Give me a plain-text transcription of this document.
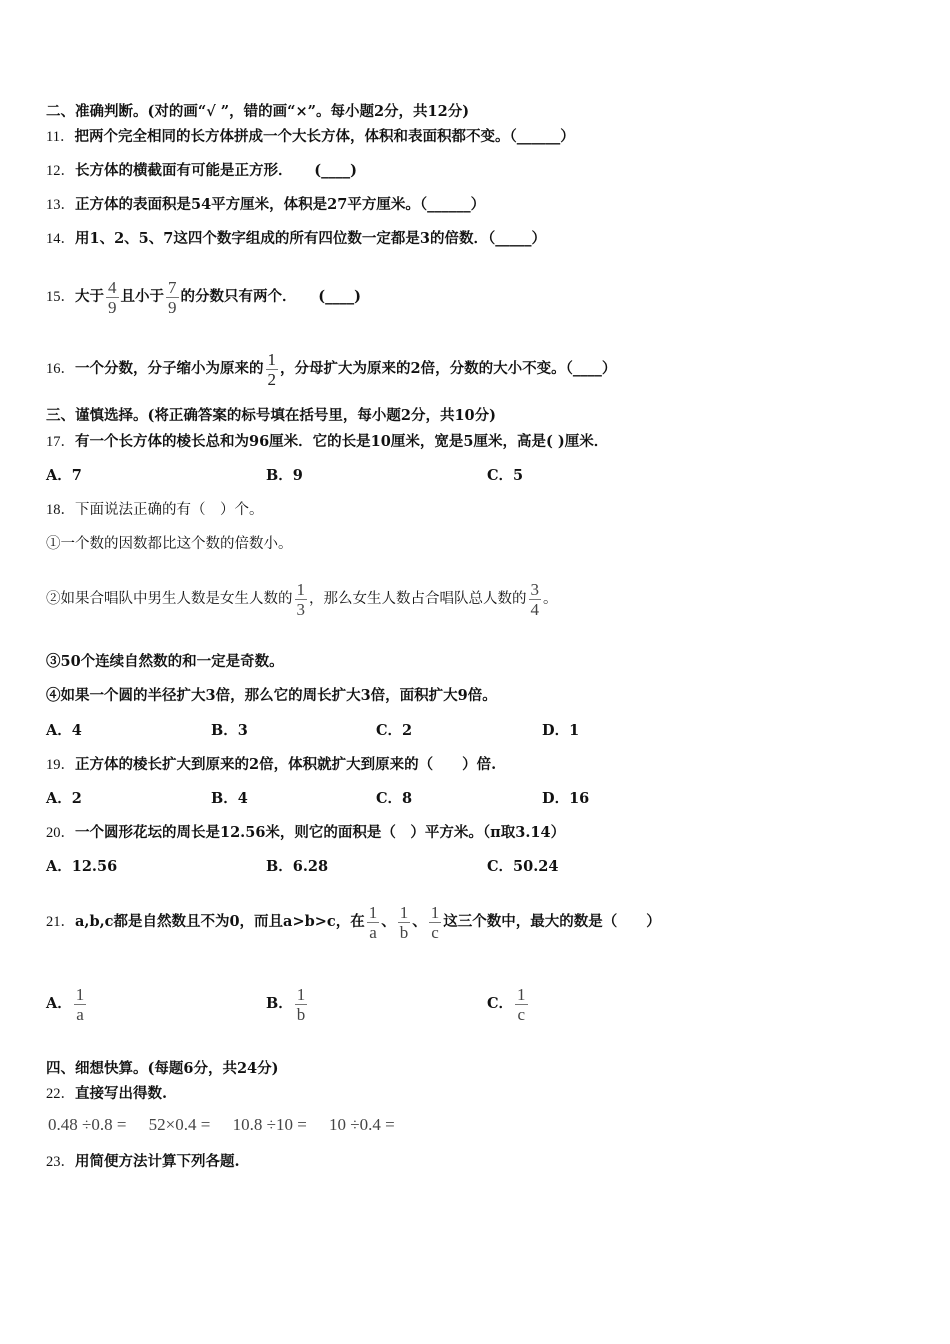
二、准确判断。(对的画“√ ”，错的画“×”。每小题2分，共12分)
11．把两个完全相同的长方体拼成一个大长方体，体积和表面积都不变。（______）
12．长方体的横截面有可能是正方形．　　(____)
13．正方体的表面积是54平方厘米，体积是27平方厘米。（______）
14．用1、2、5、7这四个数字组成的所有四位数一定都是3的倍数．（_____）
15．大于 $\frac{4}{9}$ 且小于 $\frac{7}{9}$ 的分数只有两个．　　(____)
16．一个分数，分子缩小为原来的 $\frac{1}{2}$ ，分母扩大为原来的2倍，分数的大小不变。（____）
三、谨慎选择。(将正确答案的标号填在括号里，每小题2分，共10分)
17．有一个长方体的棱长总和为96厘米．它的长是10厘米，宽是5厘米，高是( )厘米．
A．7	B．9	C．5
18．下面说法正确的有（　）个。
①一个数的因数都比这个数的倍数小。
②如果合唱队中男生人数是女生人数的 $\frac{1}{3}$ ，那么女生人数占合唱队总人数的 $\frac{3}{4}$ 。
③50个连续自然数的和一定是奇数。
④如果一个圆的半径扩大3倍，那么它的周长扩大3倍，面积扩大9倍。
A．4	B．3	C．2	D．1
19．正方体的棱长扩大到原来的2倍，体积就扩大到原来的（　　）倍.
A．2	B．4	C．8	D．16
20．一个圆形花坛的周长是12.56米，则它的面积是（　）平方米。（π取3.14）
A．12.56	B．6.28	C．50.24
21．a,b,c都是自然数且不为0，而且a>b>c，在 $\frac{1}{a}$ 、 $\frac{1}{b}$ 、 $\frac{1}{c}$ 这三个数中，最大的数是（　　）
A． $\frac{1}{a}$	B． $\frac{1}{b}$	C． $\frac{1}{c}$
四、细想快算。(每题6分，共24分)
22．直接写出得数.
0.48 ÷0.8 = 52×0.4 = 10.8 ÷10 = 10 ÷0.4 =
23．用简便方法计算下列各题.
